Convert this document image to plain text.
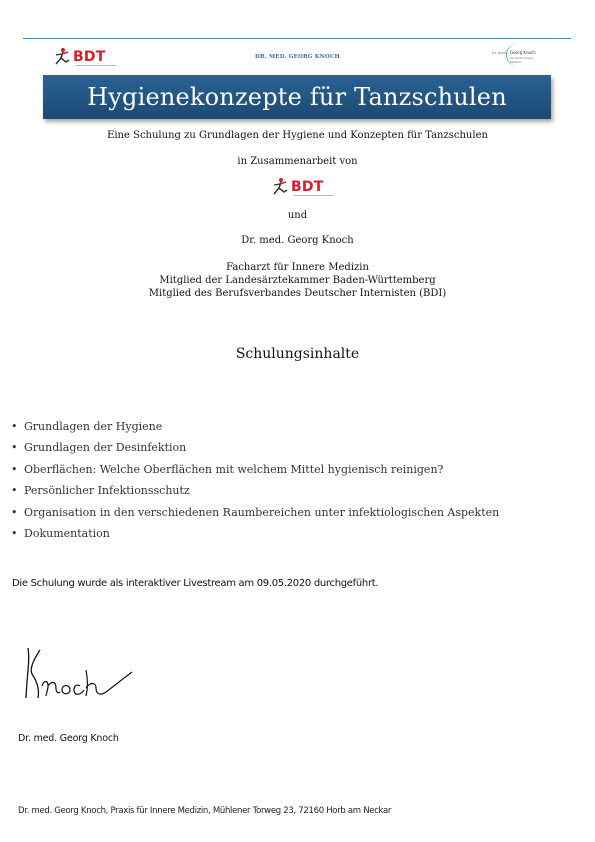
BDT	DR. MED. GEORG KNOCH
Dr. med. Georg Knoch
Facharzt Innere Medizin
Hygienekonzepte für Tanzschulen
Eine Schulung zu Grundlagen der Hygiene und Konzepten für Tanzschulen
in Zusammenarbeit von
BDT
und
Dr. med. Georg Knoch
Facharzt für Innere Medizin
Mitglied der Landesärztekammer Baden-Württemberg
Mitglied des Berufsverbandes Deutscher Internisten (BDI)
Schulungsinhalte
• Grundlagen der Hygiene
• Grundlagen der Desinfektion
• Oberflächen: Welche Oberflächen mit welchem Mittel hygienisch reinigen?
• Persönlicher Infektionsschutz
• Organisation in den verschiedenen Raumbereichen unter infektiologischen Aspekten
• Dokumentation
Die Schulung wurde als interaktiver Livestream am 09.05.2020 durchgeführt.
Dr. med. Georg Knoch
Dr. med. Georg Knoch, Praxis für Innere Medizin, Mühlener Torweg 23, 72160 Horb am Neckar
